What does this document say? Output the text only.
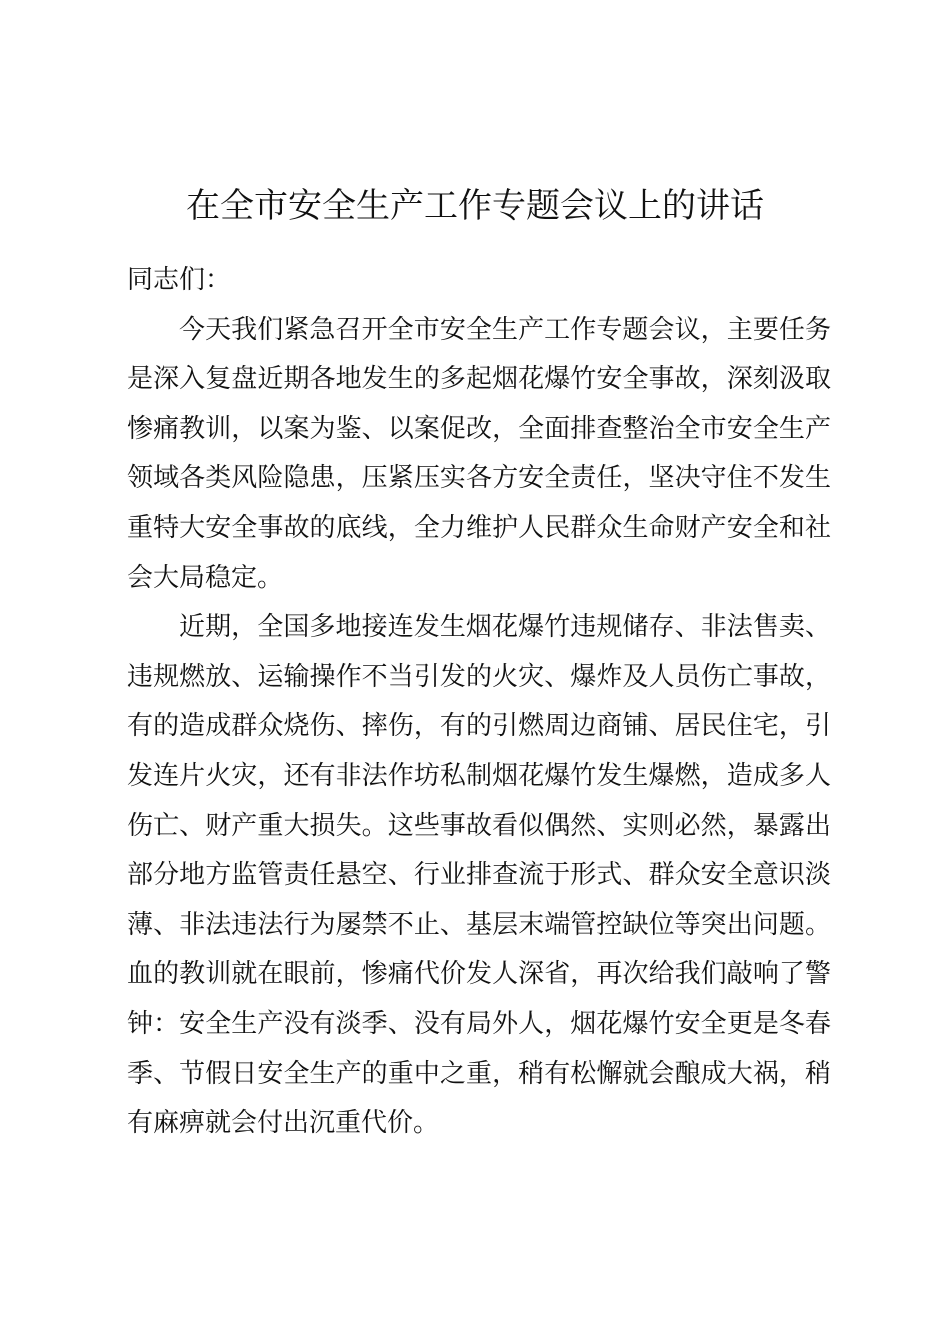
在全市安全生产工作专题会议上的讲话

同志们：

今天我们紧急召开全市安全生产工作专题会议，主要任务是深入复盘近期各地发生的多起烟花爆竹安全事故，深刻汲取惨痛教训，以案为鉴、以案促改，全面排查整治全市安全生产领域各类风险隐患，压紧压实各方安全责任，坚决守住不发生重特大安全事故的底线，全力维护人民群众生命财产安全和社会大局稳定。

近期，全国多地接连发生烟花爆竹违规储存、非法售卖、违规燃放、运输操作不当引发的火灾、爆炸及人员伤亡事故，有的造成群众烧伤、摔伤，有的引燃周边商铺、居民住宅，引发连片火灾，还有非法作坊私制烟花爆竹发生爆燃，造成多人伤亡、财产重大损失。这些事故看似偶然、实则必然，暴露出部分地方监管责任悬空、行业排查流于形式、群众安全意识淡薄、非法违法行为屡禁不止、基层末端管控缺位等突出问题。血的教训就在眼前，惨痛代价发人深省，再次给我们敲响了警钟：安全生产没有淡季、没有局外人，烟花爆竹安全更是冬春季、节假日安全生产的重中之重，稍有松懈就会酿成大祸，稍有麻痹就会付出沉重代价。
